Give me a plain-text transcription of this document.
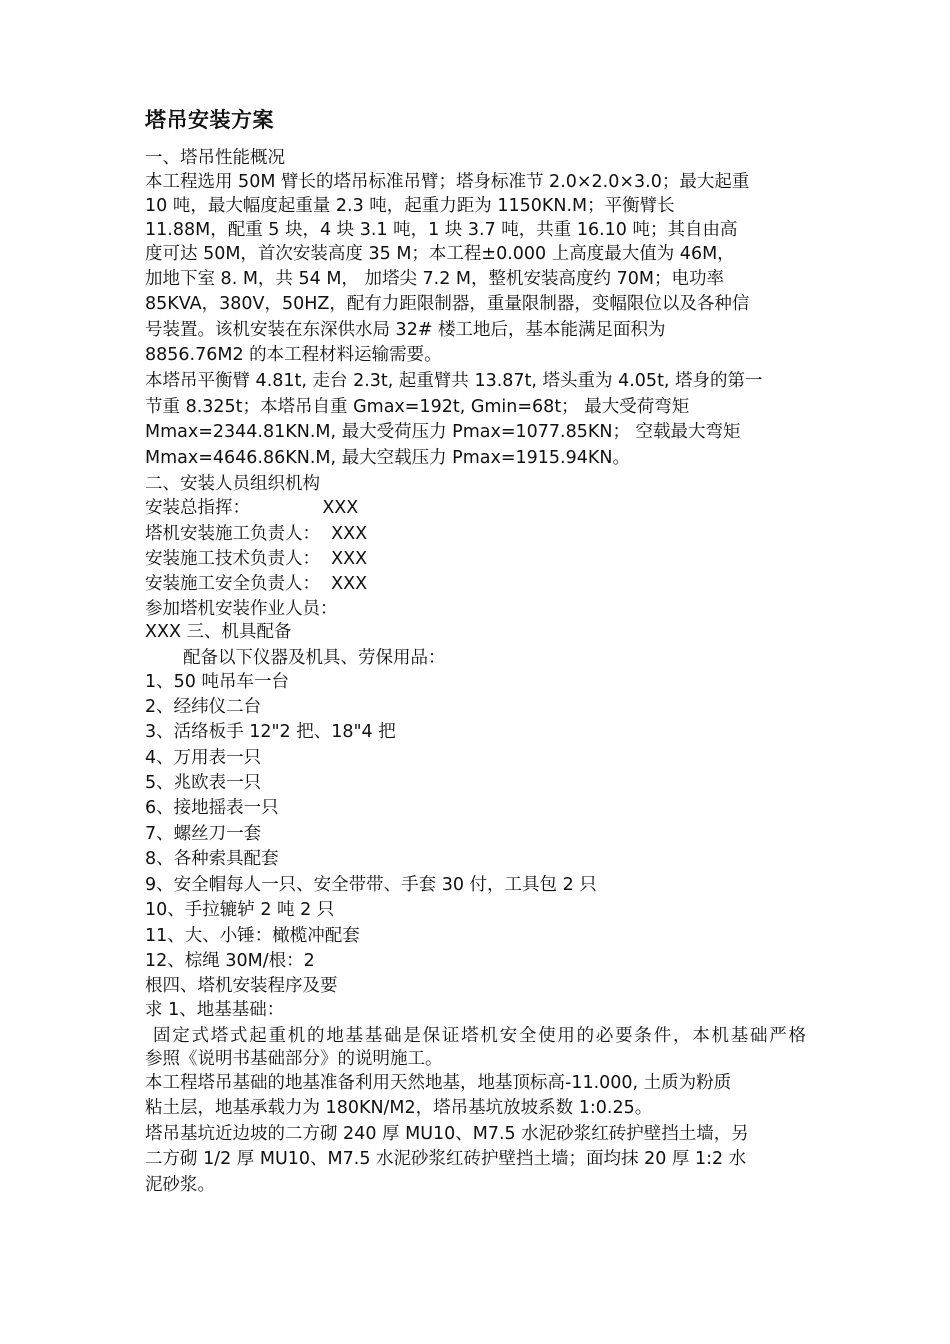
塔吊安装方案
一、塔吊性能概况
本工程选用 50M 臂长的塔吊标准吊臂；塔身标准节 2.0×2.0×3.0；最大起重
10 吨，最大幅度起重量 2.3 吨，起重力距为 1150KN.M；平衡臂长
11.88M，配重 5 块，4 块 3.1 吨，1 块 3.7 吨，共重 16.10 吨；其自由高
度可达 50M，首次安装高度 35 M；本工程±0.000 上高度最大值为 46M，
加地下室 8. M，共 54 M， 加塔尖 7.2 M，整机安装高度约 70M；电功率
85KVA，380V，50HZ，配有力距限制器，重量限制器，变幅限位以及各种信
号装置。该机安装在东深供水局 32# 楼工地后，基本能满足面积为
8856.76M2 的本工程材料运输需要。
本塔吊平衡臂 4.81t, 走台 2.3t, 起重臂共 13.87t, 塔头重为 4.05t, 塔身的第一
节重 8.325t；本塔吊自重 Gmax=192t, Gmin=68t； 最大受荷弯矩
Mmax=2344.81KN.M, 最大受荷压力 Pmax=1077.85KN； 空载最大弯矩
Mmax=4646.86KN.M, 最大空载压力 Pmax=1915.94KN。
二、安装人员组织机构
安装总指挥：             XXX
塔机安装施工负责人：  XXX
安装施工技术负责人：  XXX
安装施工安全负责人：  XXX
参加塔机安装作业人员：
XXX 三、机具配备
配备以下仪器及机具、劳保用品：
1、50 吨吊车一台
2、经纬仪二台
3、活络板手 12"2 把、18"4 把
4、万用表一只
5、兆欧表一只
6、接地摇表一只
7、螺丝刀一套
8、各种索具配套
9、安全帽每人一只、安全带带、手套 30 付，工具包 2 只
10、手拉辘轳 2 吨 2 只
11、大、小锤：橄榄冲配套
12、棕绳 30M/根：2
根四、塔机安装程序及要
求 1、地基基础：
固定式塔式起重机的地基基础是保证塔机安全使用的必要条件，本机基础严格
参照《说明书基础部分》的说明施工。
本工程塔吊基础的地基准备利用天然地基，地基顶标高-11.000, 土质为粉质
粘土层，地基承载力为 180KN/M2，塔吊基坑放坡系数 1:0.25。
塔吊基坑近边坡的二方砌 240 厚 MU10、M7.5 水泥砂浆红砖护壁挡土墙，另
二方砌 1/2 厚 MU10、M7.5 水泥砂浆红砖护壁挡土墙；面均抹 20 厚 1:2 水
泥砂浆。
